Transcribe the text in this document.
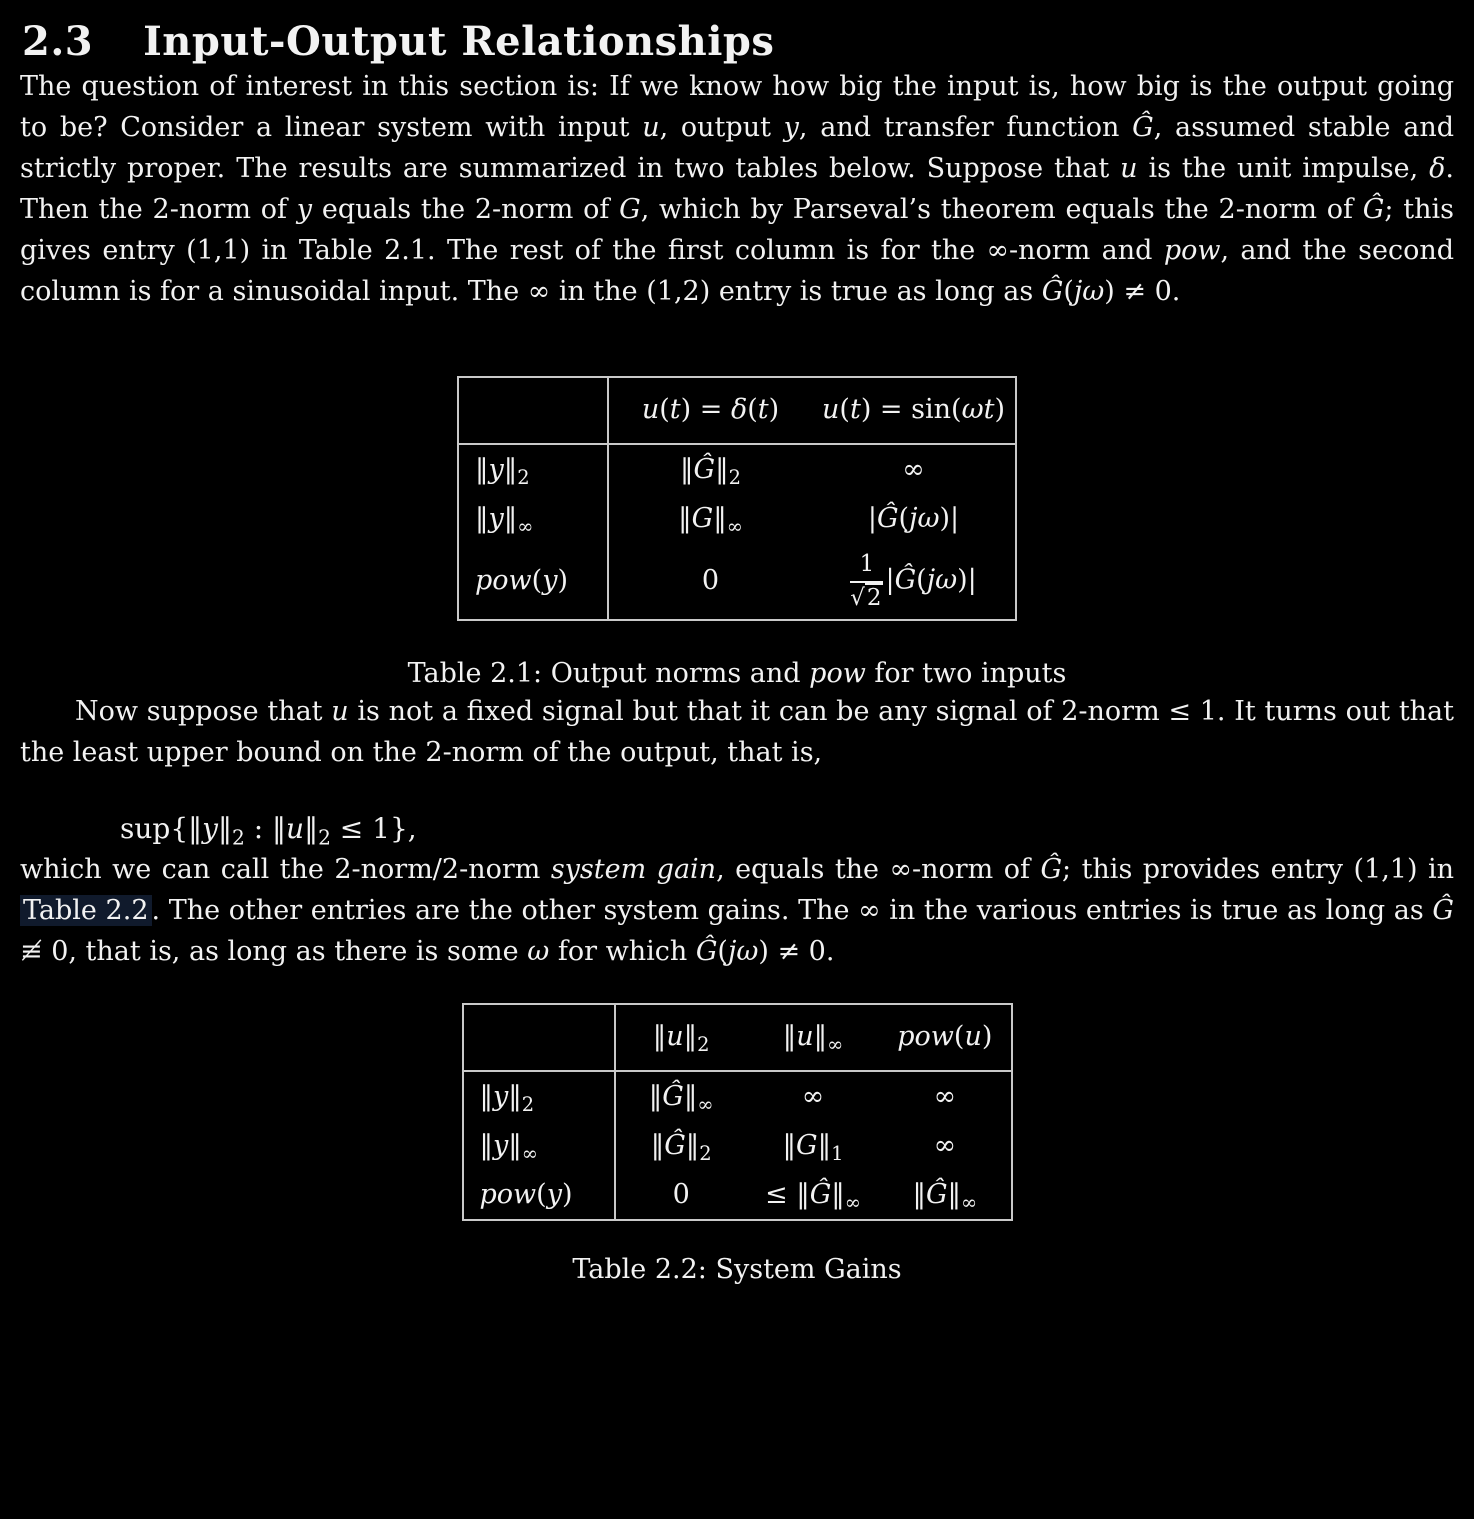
2.3 Input-Output Relationships

The question of interest in this section is: If we know how big the input is, how big is the output going to be? Consider a linear system with input u, output y, and transfer function Ĝ, assumed stable and strictly proper. The results are summarized in two tables below. Suppose that u is the unit impulse, δ. Then the 2-norm of y equals the 2-norm of G, which by Parseval’s theorem equals the 2-norm of Ĝ; this gives entry (1,1) in Table 2.1. The rest of the first column is for the ∞-norm and pow, and the second column is for a sinusoidal input. The ∞ in the (1,2) entry is true as long as Ĝ(jω) ≠ 0.

	u(t) = δ(t)	u(t) = sin(ωt)
$‖y‖_2$	$‖Ĝ‖_2$	∞
$‖y‖_\infty$	$‖G‖_\infty$	|Ĝ(jω)|
pow(y)	0	$\frac{1}{√2}$ |Ĝ(jω)|
Table 2.1: Output norms and pow for two inputs

Now suppose that u is not a fixed signal but that it can be any signal of 2-norm ≤ 1. It turns out that the least upper bound on the 2-norm of the output, that is,

$sup\{‖y‖_2$ : $‖u‖_2 \le 1$},

which we can call the 2-norm/2-norm system gain, equals the ∞-norm of Ĝ; this provides entry (1,1) in Table 2.2 . The other entries are the other system gains. The ∞ in the various entries is true as long as Ĝ ≢ 0, that is, as long as there is some ω for which Ĝ(jω) ≠ 0.

	$‖u‖_2$	$‖u‖_\infty$	pow(u)
$‖y‖_2$	$‖Ĝ‖_\infty$	∞	∞
$‖y‖_\infty$	$‖Ĝ‖_2$	$‖G‖_1$	∞
pow(y)	0	≤ $‖Ĝ‖_\infty$	$‖Ĝ‖_\infty$
Table 2.2: System Gains
